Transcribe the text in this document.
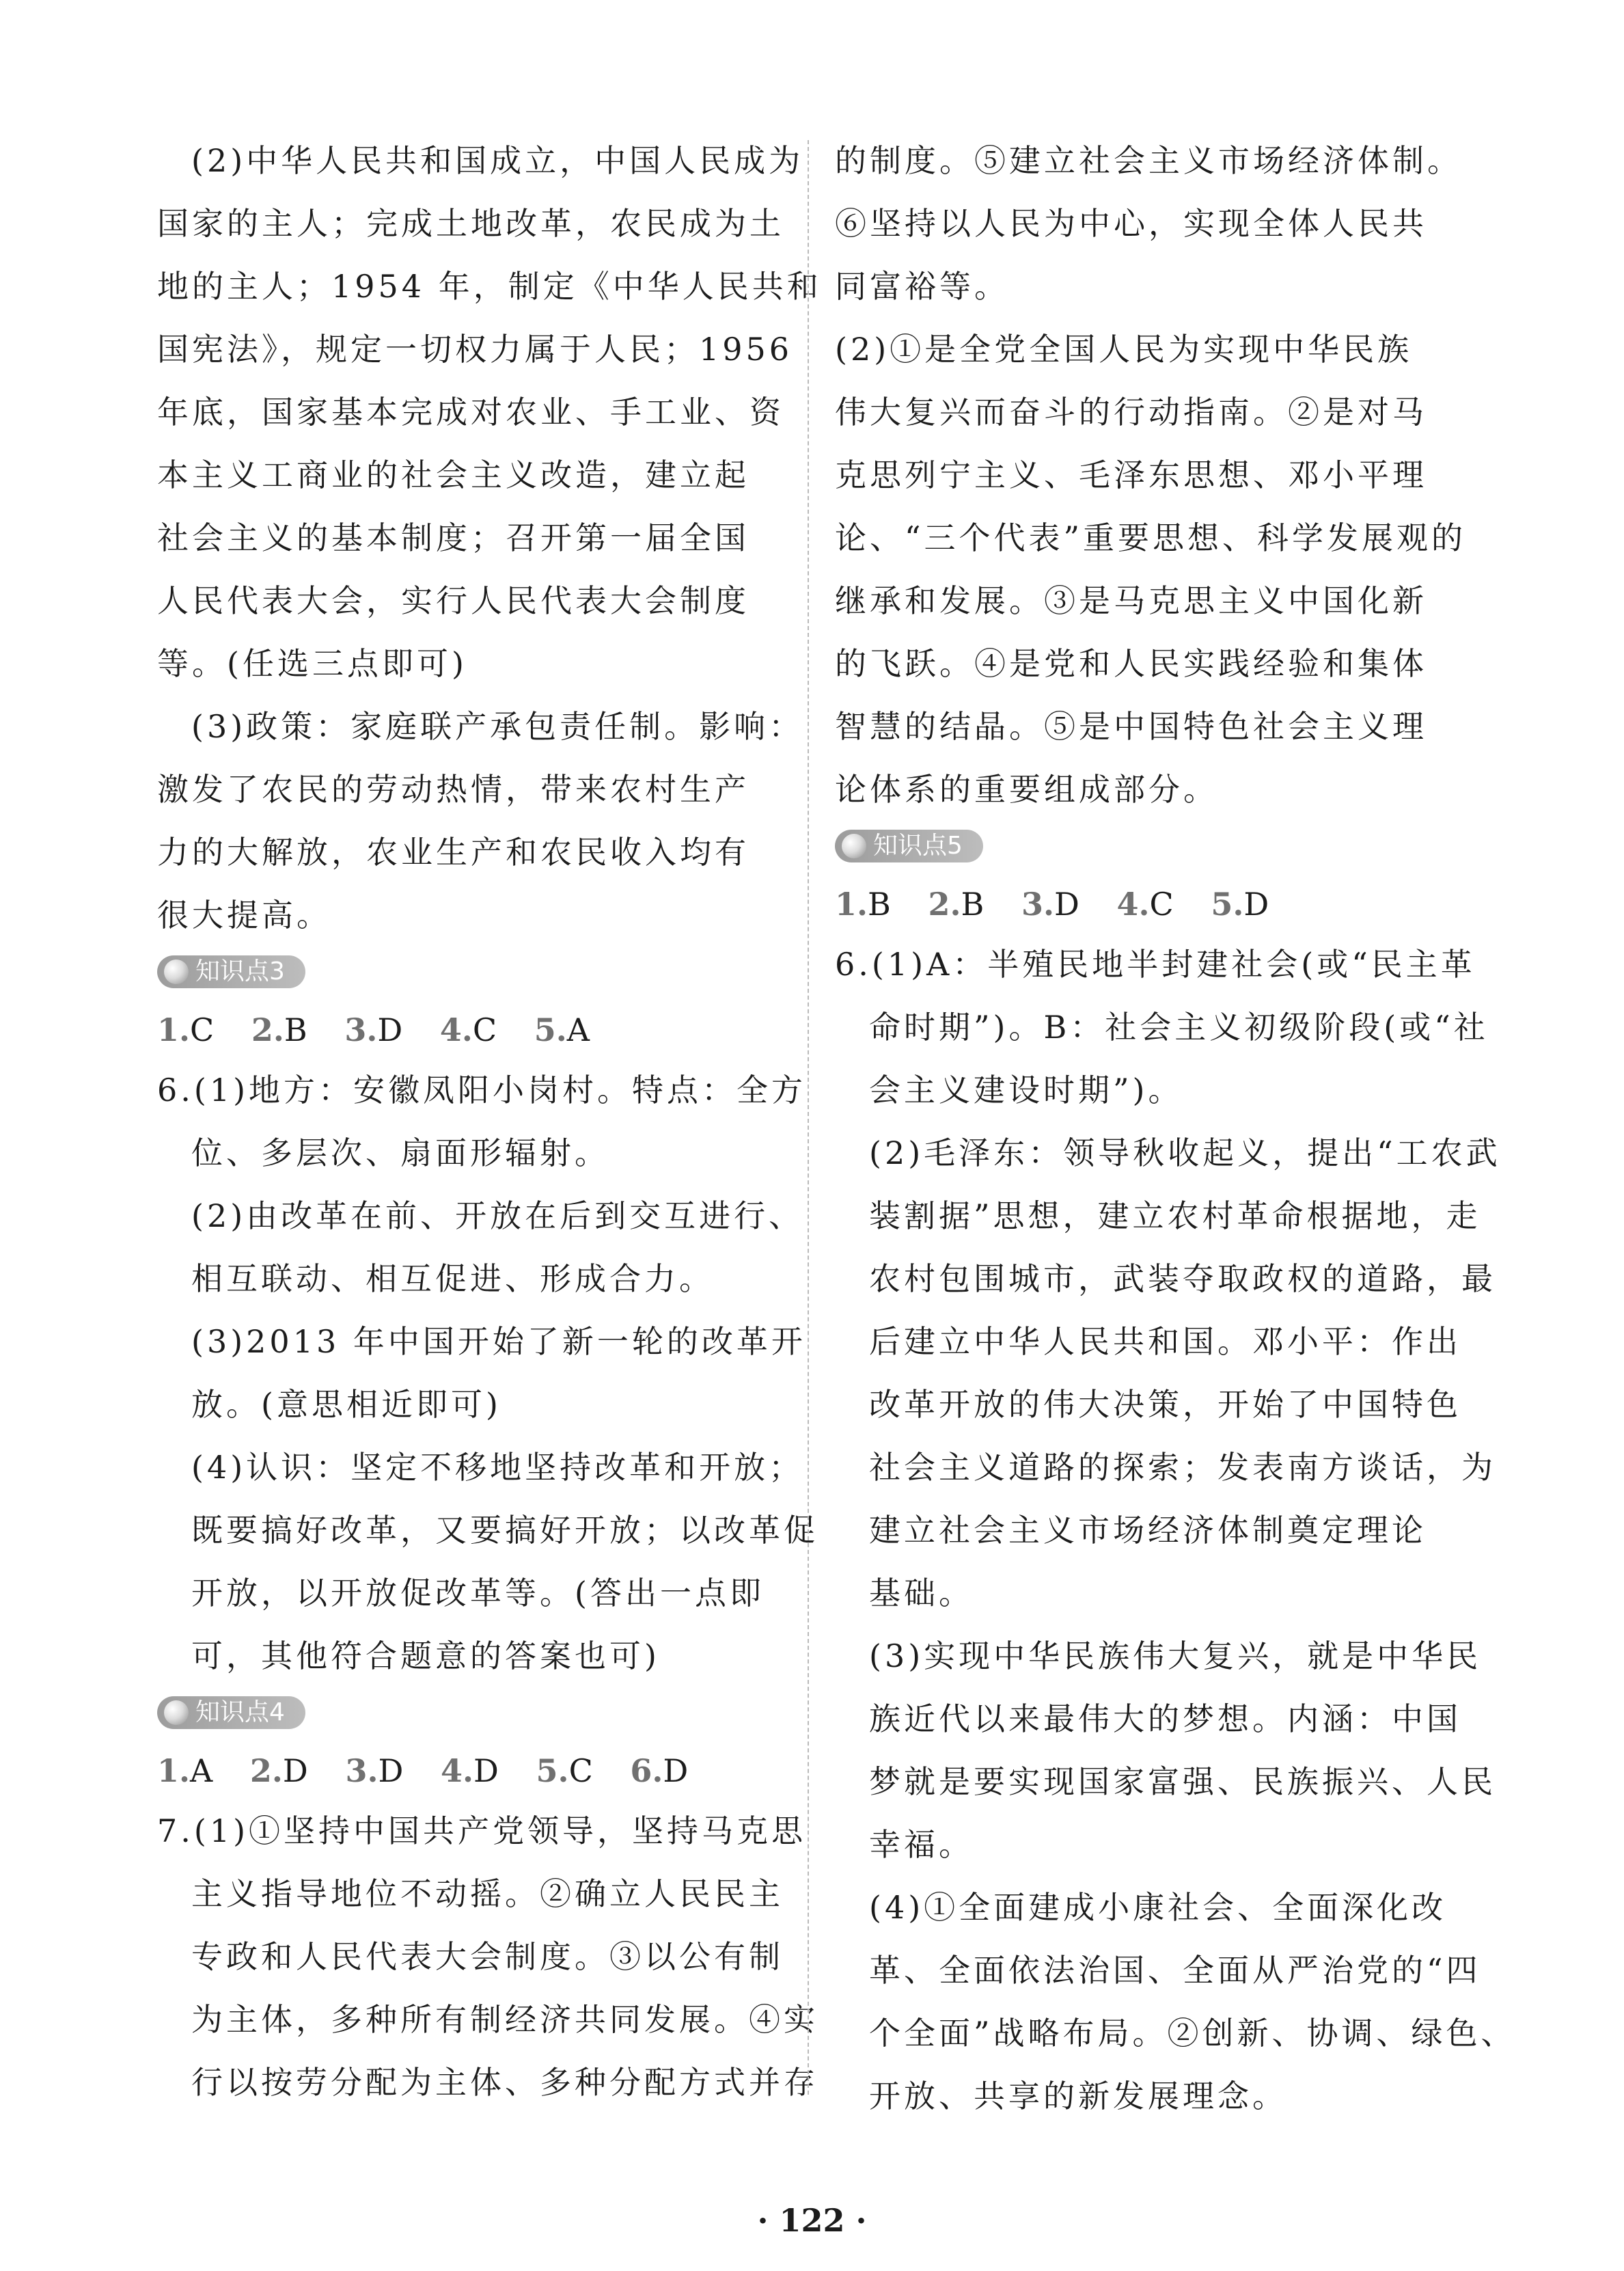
(2)中华人民共和国成立，中国人民成为
国家的主人；完成土地改革，农民成为土
地的主人；1954 年，制定《中华人民共和
国宪法》，规定一切权力属于人民；1956
年底，国家基本完成对农业、手工业、资
本主义工商业的社会主义改造，建立起
社会主义的基本制度；召开第一届全国
人民代表大会，实行人民代表大会制度
等。(任选三点即可)
(3)政策：家庭联产承包责任制。影响：
激发了农民的劳动热情，带来农村生产
力的大解放，农业生产和农民收入均有
很大提高。
知识点3
1.C 2.B 3.D 4.C 5.A
6.(1)地方：安徽凤阳小岗村。特点：全方
位、多层次、扇面形辐射。
(2)由改革在前、开放在后到交互进行、
相互联动、相互促进、形成合力。
(3)2013 年中国开始了新一轮的改革开
放。(意思相近即可)
(4)认识：坚定不移地坚持改革和开放；
既要搞好改革，又要搞好开放；以改革促
开放，以开放促改革等。(答出一点即
可，其他符合题意的答案也可)
知识点4
1.A 2.D 3.D 4.D 5.C 6.D
7.(1)①坚持中国共产党领导，坚持马克思
主义指导地位不动摇。②确立人民民主
专政和人民代表大会制度。③以公有制
为主体，多种所有制经济共同发展。④实
行以按劳分配为主体、多种分配方式并存
的制度。⑤建立社会主义市场经济体制。
⑥坚持以人民为中心，实现全体人民共
同富裕等。
(2)①是全党全国人民为实现中华民族
伟大复兴而奋斗的行动指南。②是对马
克思列宁主义、毛泽东思想、邓小平理
论、“三个代表”重要思想、科学发展观的
继承和发展。③是马克思主义中国化新
的飞跃。④是党和人民实践经验和集体
智慧的结晶。⑤是中国特色社会主义理
论体系的重要组成部分。
知识点5
1.B 2.B 3.D 4.C 5.D
6.(1)A：半殖民地半封建社会(或“民主革
命时期”)。B：社会主义初级阶段(或“社
会主义建设时期”)。
(2)毛泽东：领导秋收起义，提出“工农武
装割据”思想，建立农村革命根据地，走
农村包围城市，武装夺取政权的道路，最
后建立中华人民共和国。邓小平：作出
改革开放的伟大决策，开始了中国特色
社会主义道路的探索；发表南方谈话，为
建立社会主义市场经济体制奠定理论
基础。
(3)实现中华民族伟大复兴，就是中华民
族近代以来最伟大的梦想。内涵：中国
梦就是要实现国家富强、民族振兴、人民
幸福。
(4)①全面建成小康社会、全面深化改
革、全面依法治国、全面从严治党的“四
个全面”战略布局。②创新、协调、绿色、
开放、共享的新发展理念。
· 122 ·
